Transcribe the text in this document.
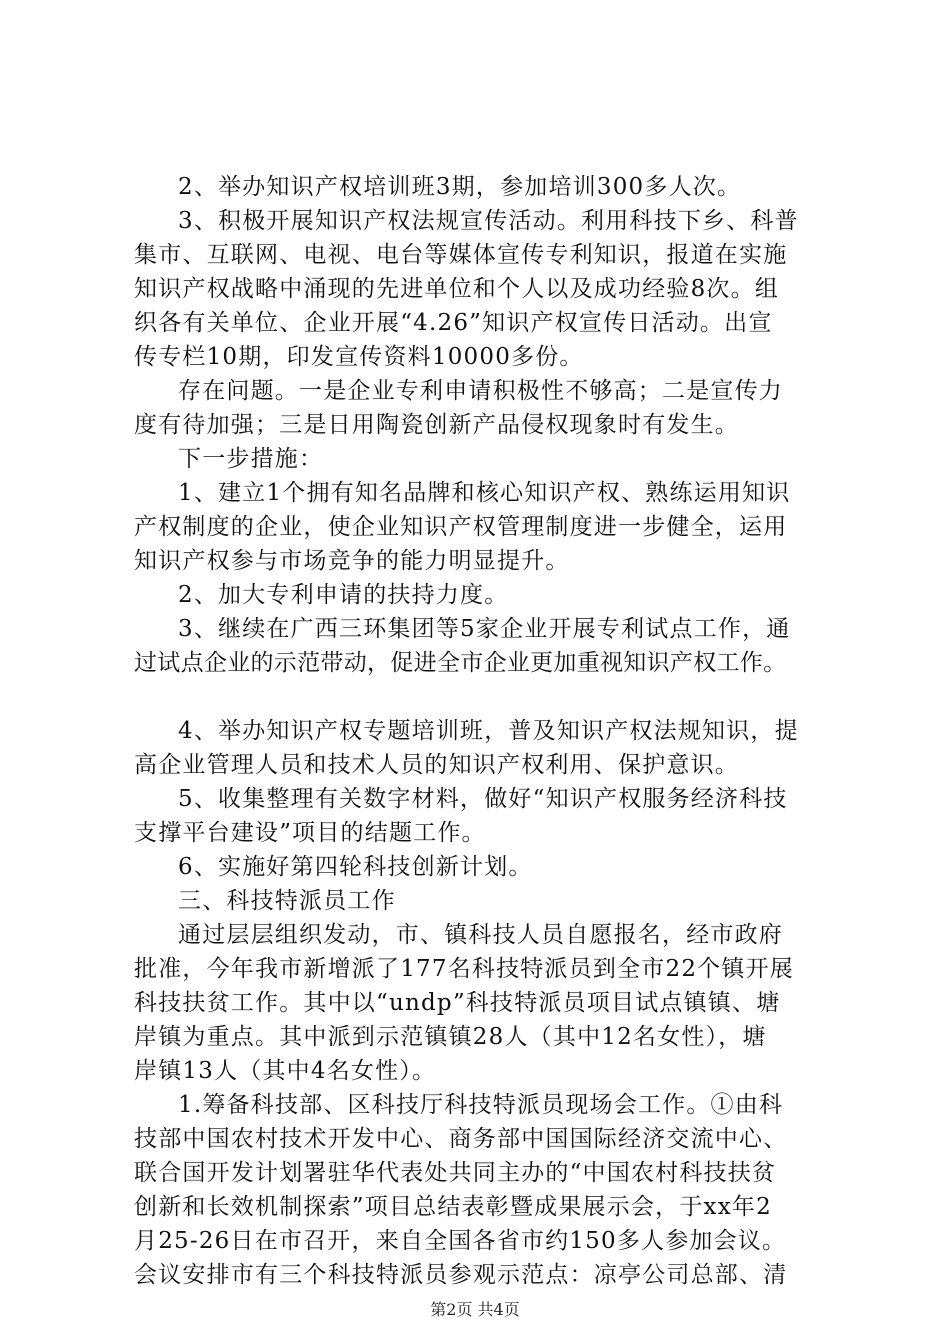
2、举办知识产权培训班3期，参加培训300多人次。
3、积极开展知识产权法规宣传活动。利用科技下乡、科普
集市、互联网、电视、电台等媒体宣传专利知识，报道在实施
知识产权战略中涌现的先进单位和个人以及成功经验8次。组
织各有关单位、企业开展“4.26”知识产权宣传日活动。出宣
传专栏10期，印发宣传资料10000多份。
存在问题。一是企业专利申请积极性不够高；二是宣传力
度有待加强；三是日用陶瓷创新产品侵权现象时有发生。
下一步措施：
1、建立1个拥有知名品牌和核心知识产权、熟练运用知识
产权制度的企业，使企业知识产权管理制度进一步健全，运用
知识产权参与市场竞争的能力明显提升。
2、加大专利申请的扶持力度。
3、继续在广西三环集团等5家企业开展专利试点工作，通
过试点企业的示范带动，促进全市企业更加重视知识产权工作。
4、举办知识产权专题培训班，普及知识产权法规知识，提
高企业管理人员和技术人员的知识产权利用、保护意识。
5、收集整理有关数字材料，做好“知识产权服务经济科技
支撑平台建设”项目的结题工作。
6、实施好第四轮科技创新计划。
三、科技特派员工作
通过层层组织发动，市、镇科技人员自愿报名，经市政府
批准，今年我市新增派了177名科技特派员到全市22个镇开展
科技扶贫工作。其中以“undp”科技特派员项目试点镇镇、塘
岸镇为重点。其中派到示范镇镇28人（其中12名女性），塘
岸镇13人（其中4名女性）。
1.筹备科技部、区科技厅科技特派员现场会工作。①由科
技部中国农村技术开发中心、商务部中国国际经济交流中心、
联合国开发计划署驻华代表处共同主办的“中国农村科技扶贫
创新和长效机制探索”项目总结表彰暨成果展示会，于xx年2
月25-26日在市召开，来自全国各省市约150多人参加会议。
会议安排市有三个科技特派员参观示范点：凉亭公司总部、清
第2页 共4页
